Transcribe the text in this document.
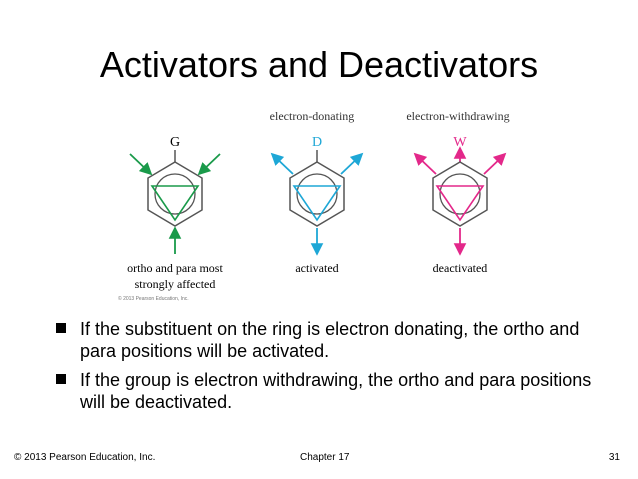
Activators and Deactivators
electron-donating	electron-withdrawing
G
ortho and para most
strongly affected
© 2013 Pearson Education, Inc.
D
activated
W
deactivated
If the substituent on the ring is electron donating, the ortho and para positions will be activated.
If the group is electron withdrawing, the ortho and para positions will be deactivated.
© 2013 Pearson Education, Inc.	Chapter 17	31
